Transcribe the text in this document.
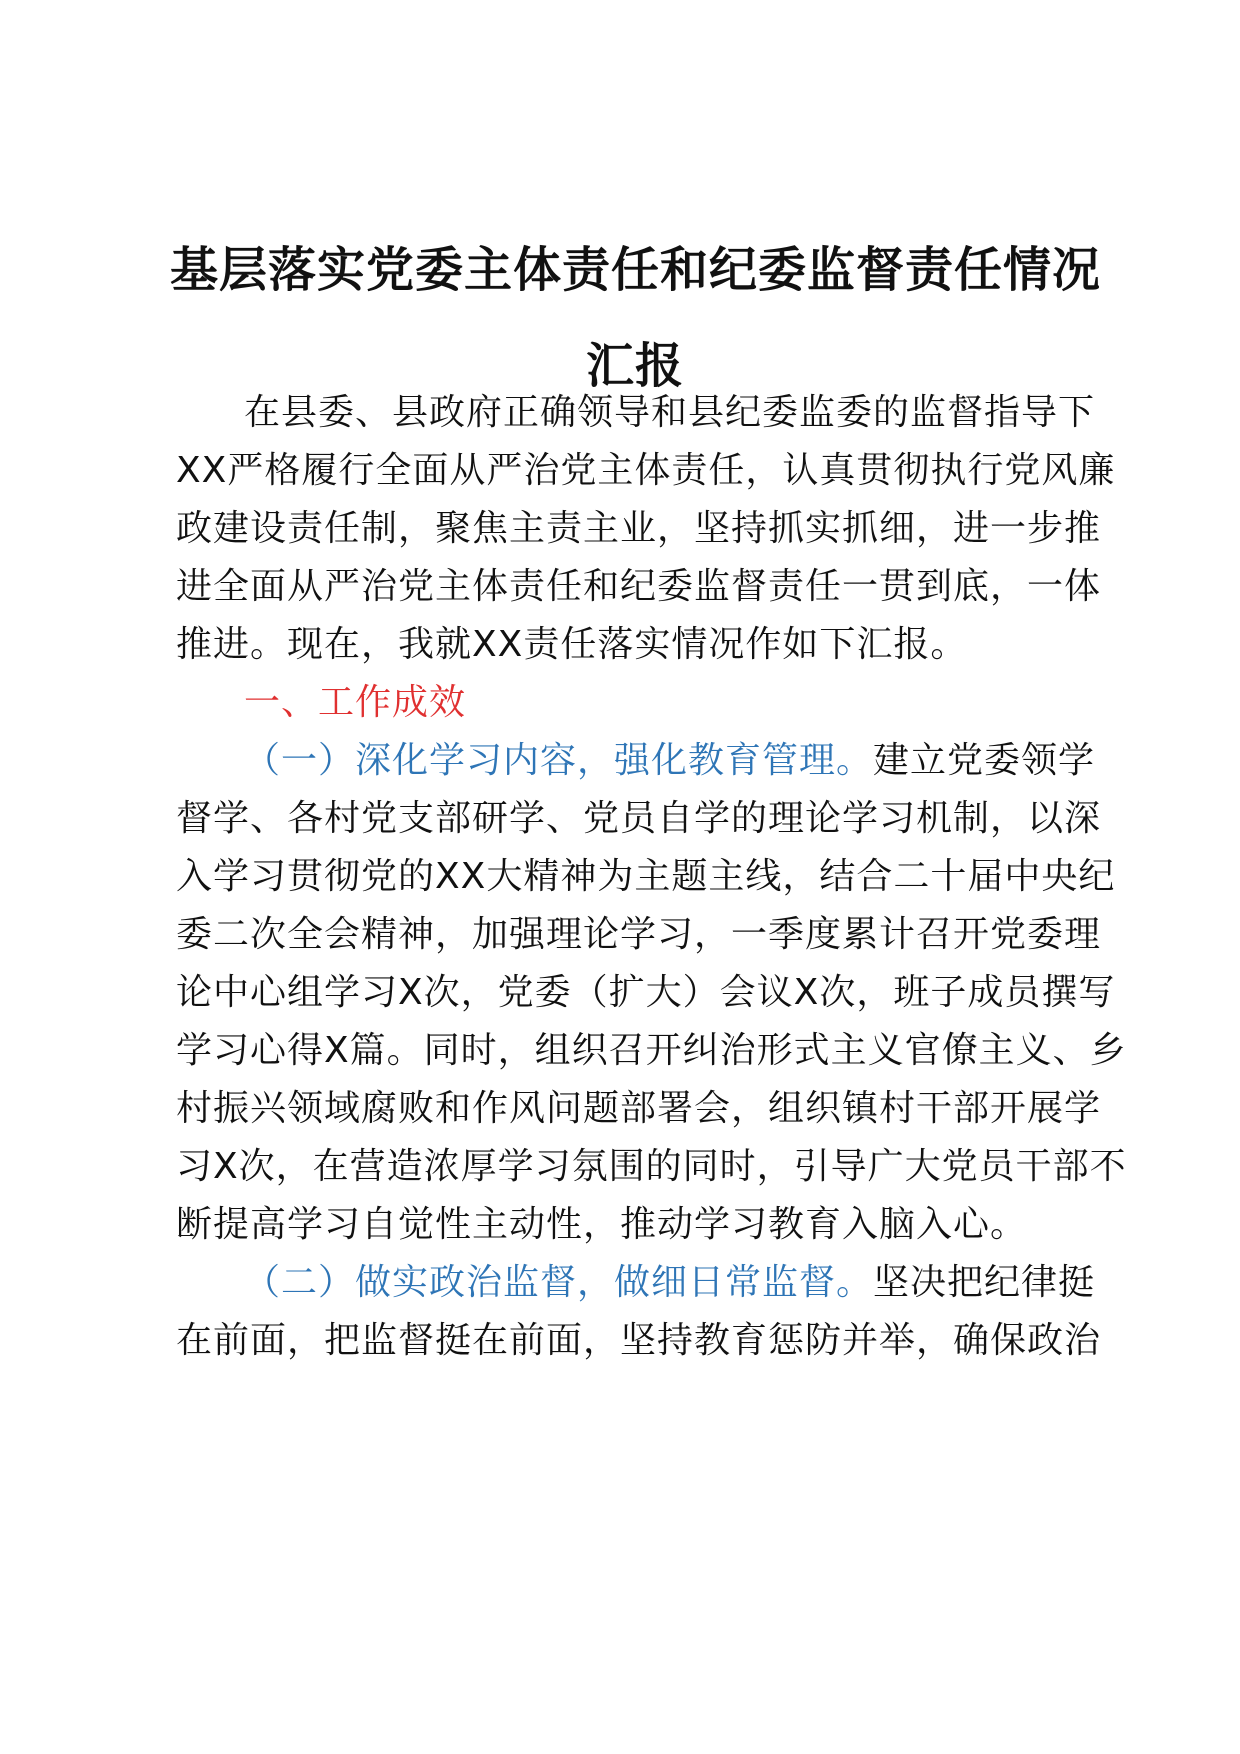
基层落实党委主体责任和纪委监督责任情况
汇报
在县委、县政府正确领导和县纪委监委的监督指导下
XX严格履行全面从严治党主体责任，认真贯彻执行党风廉
政建设责任制，聚焦主责主业，坚持抓实抓细，进一步推
进全面从严治党主体责任和纪委监督责任一贯到底，一体
推进。现在，我就XX责任落实情况作如下汇报。
一、工作成效
（一）深化学习内容，强化教育管理。建立党委领学
督学、各村党支部研学、党员自学的理论学习机制，以深
入学习贯彻党的XX大精神为主题主线，结合二十届中央纪
委二次全会精神，加强理论学习，一季度累计召开党委理
论中心组学习X次，党委（扩大）会议X次，班子成员撰写
学习心得X篇。同时，组织召开纠治形式主义官僚主义、乡
村振兴领域腐败和作风问题部署会，组织镇村干部开展学
习X次，在营造浓厚学习氛围的同时，引导广大党员干部不
断提高学习自觉性主动性，推动学习教育入脑入心。
（二）做实政治监督，做细日常监督。坚决把纪律挺
在前面，把监督挺在前面，坚持教育惩防并举，确保政治
